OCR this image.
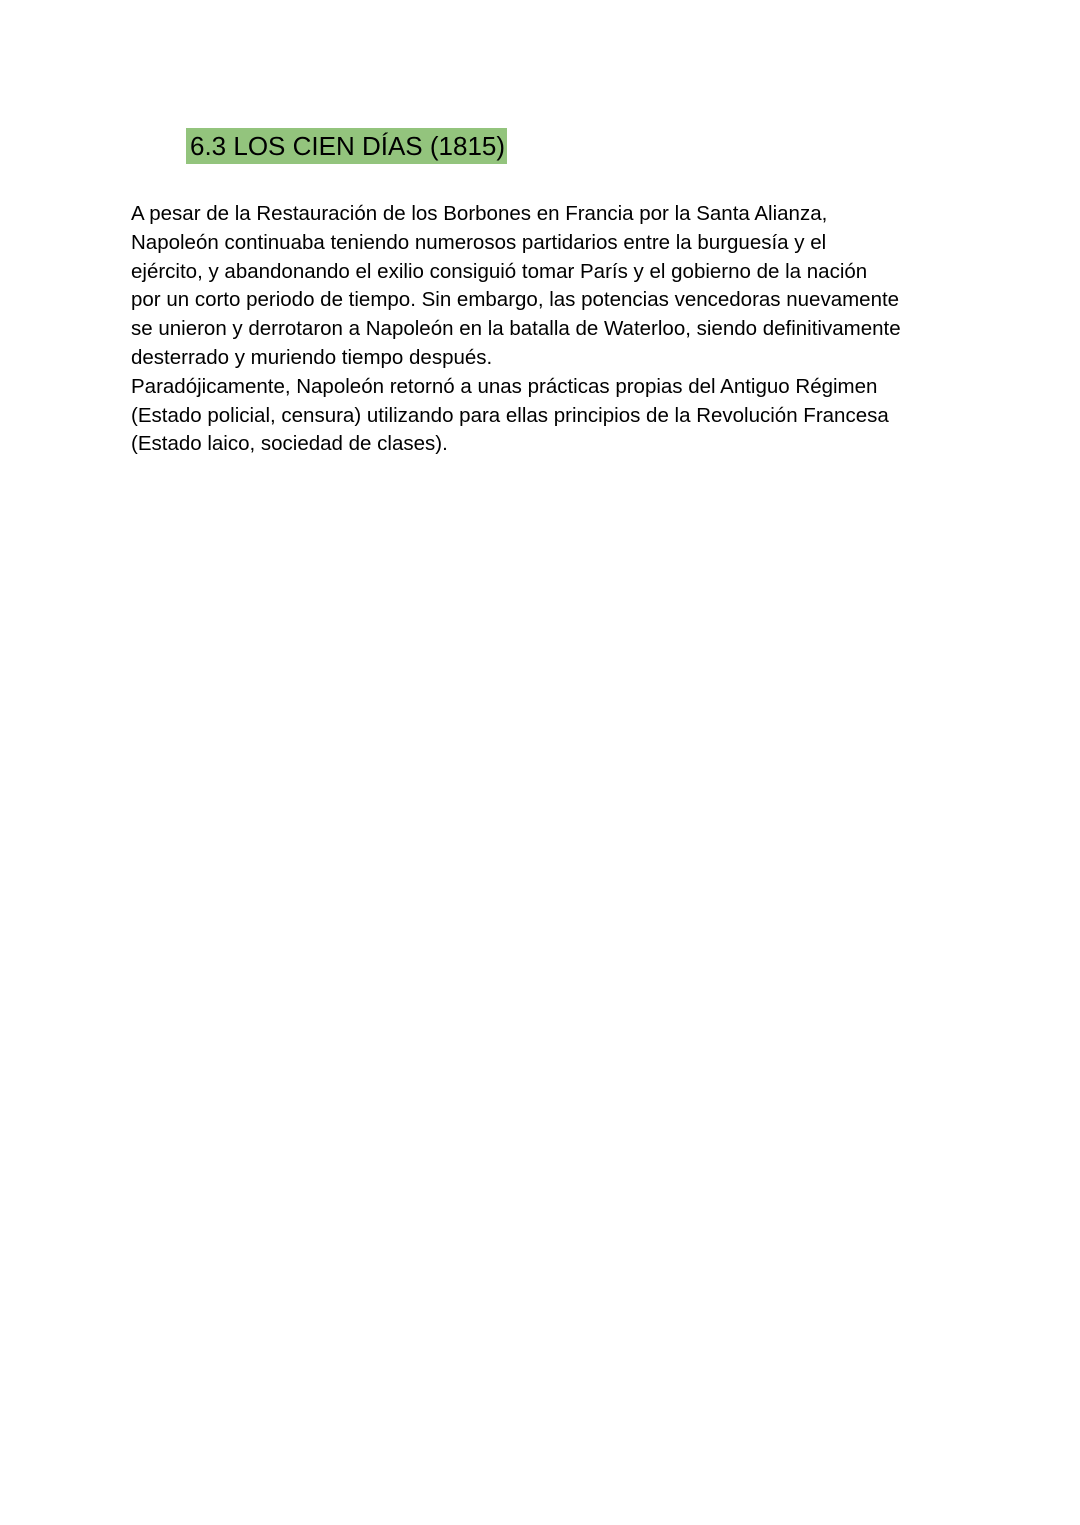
6.3 LOS CIEN DÍAS (1815)
A pesar de la Restauración de los Borbones en Francia por la Santa Alianza,
Napoleón continuaba teniendo numerosos partidarios entre la burguesía y el
ejército, y abandonando el exilio consiguió tomar París y el gobierno de la nación
por un corto periodo de tiempo. Sin embargo, las potencias vencedoras nuevamente
se unieron y derrotaron a Napoleón en la batalla de Waterloo, siendo definitivamente
desterrado y muriendo tiempo después.
Paradójicamente, Napoleón retornó a unas prácticas propias del Antiguo Régimen
(Estado policial, censura) utilizando para ellas principios de la Revolución Francesa
(Estado laico, sociedad de clases).
